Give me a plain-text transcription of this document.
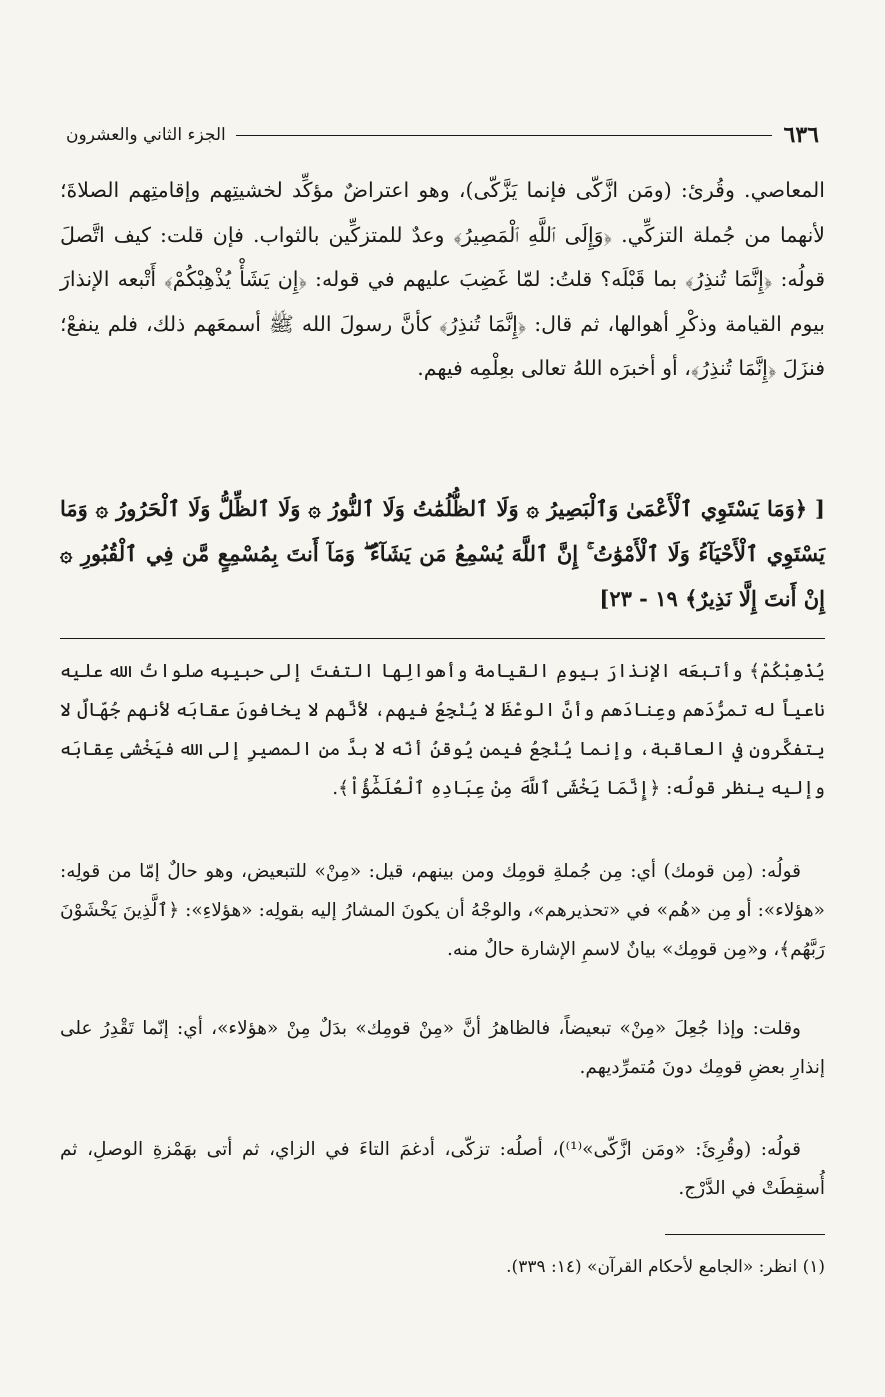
٦٣٦
الجزء الثاني والعشرون

المعاصي. وقُرئ: (ومَن ازَّكّى فإنما يَزَّكّى)، وهو اعتراضٌ مؤكِّد لخشيتِهم وإقامتِهم الصلاةَ؛ لأنهما من جُملة التزكِّي. ﴿وَإِلَى ٱللَّهِ ٱلْمَصِيرُ﴾ وعدٌ للمتزكِّين بالثواب. فإن قلت: كيف اتَّصلَ قولُه: ﴿إِنَّمَا تُنذِرُ﴾ بما قَبْلَه؟ قلتُ: لمّا غَضِبَ عليهم في قوله: ﴿إِن يَشَأْ يُذْهِبْكُمْ﴾ أَتْبعه الإنذارَ بيوم القيامة وذكْرِ أهوالها، ثم قال: ﴿إِنَّمَا تُنذِرُ﴾ كأنَّ رسولَ الله ﷺ أسمعَهم ذلك، فلم ينفعْ؛ فنزَلَ ﴿إِنَّمَا تُنذِرُ﴾، أو أخبرَه اللهُ تعالى بعِلْمِه فيهم.

[ ﴿وَمَا يَسْتَوِي ٱلْأَعْمَىٰ وَٱلْبَصِيرُ ۞ وَلَا ٱلظُّلُمَٰتُ وَلَا ٱلنُّورُ ۞ وَلَا ٱلظِّلُّ وَلَا ٱلْحَرُورُ ۞ وَمَا يَسْتَوِي ٱلْأَحْيَآءُ وَلَا ٱلْأَمْوَٰتُ ۚ إِنَّ ٱللَّهَ يُسْمِعُ مَن يَشَآءُ ۖ وَمَآ أَنتَ بِمُسْمِعٍ مَّن فِي ٱلْقُبُورِ ۞ إِنْ أَنتَ إِلَّا نَذِيرٌ﴾ ١٩ - ٢٣]

يُذْهِبْكُمْ﴾ وأتبعَه الإنذارَ بيومِ القيامة وأهوالِها التفتَ إلى حبيبِه صلواتُ الله عليه ناعياً له تمرُّدَهم وعِنادَهم وأنَّ الوعْظَ لا يُنْجِعُ فيهم، لأنَّهم لا يخافونَ عقابَه لأنهم جُهّالٌ لا يتفكَّرون في العاقبة، وإنما يُنْجِعُ فيمن يُوقنُ أنّه لا بدَّ من المصيرِ إلى الله فيَخْشى عِقابَه وإليه ينظر قولُه: ﴿إِنَّمَا يَخْشَى ٱللَّهَ مِنْ عِبَادِهِ ٱلْعُلَمَٰٓؤُاْ﴾.

قولُه: (مِن قومك) أي: مِن جُملةِ قومِك ومن بينهم، قيل: «مِنْ» للتبعيض، وهو حالٌ إمّا من قولِه: «هؤلاء»: أو مِن «هُم» في «تحذيرهم»، والوجْهُ أن يكونَ المشارُ إليه بقولِه: «هؤلاءِ»: ﴿ٱلَّذِينَ يَخْشَوْنَ رَبَّهُم﴾، و«مِن قومِك» بيانٌ لاسمِ الإشارة حالٌ منه.

وقلت: وإذا جُعِلَ «مِنْ» تبعيضاً، فالظاهرُ أنَّ «مِنْ قومِك» بدَلٌ مِنْ «هؤلاء»، أي: إنّما تَقْدِرُ على إنذارِ بعضِ قومِك دونَ مُتمرِّديهم.

قولُه: (وقُرِئَ: «ومَن ازَّكّى»⁽¹⁾)، أصلُه: تزكّى، أدغمَ التاءَ في الزاي، ثم أتى بهَمْزةِ الوصلِ، ثم أُسقِطَتْ في الدَّرْج.

(١) انظر: «الجامع لأحكام القرآن» (١٤: ٣٣٩).
